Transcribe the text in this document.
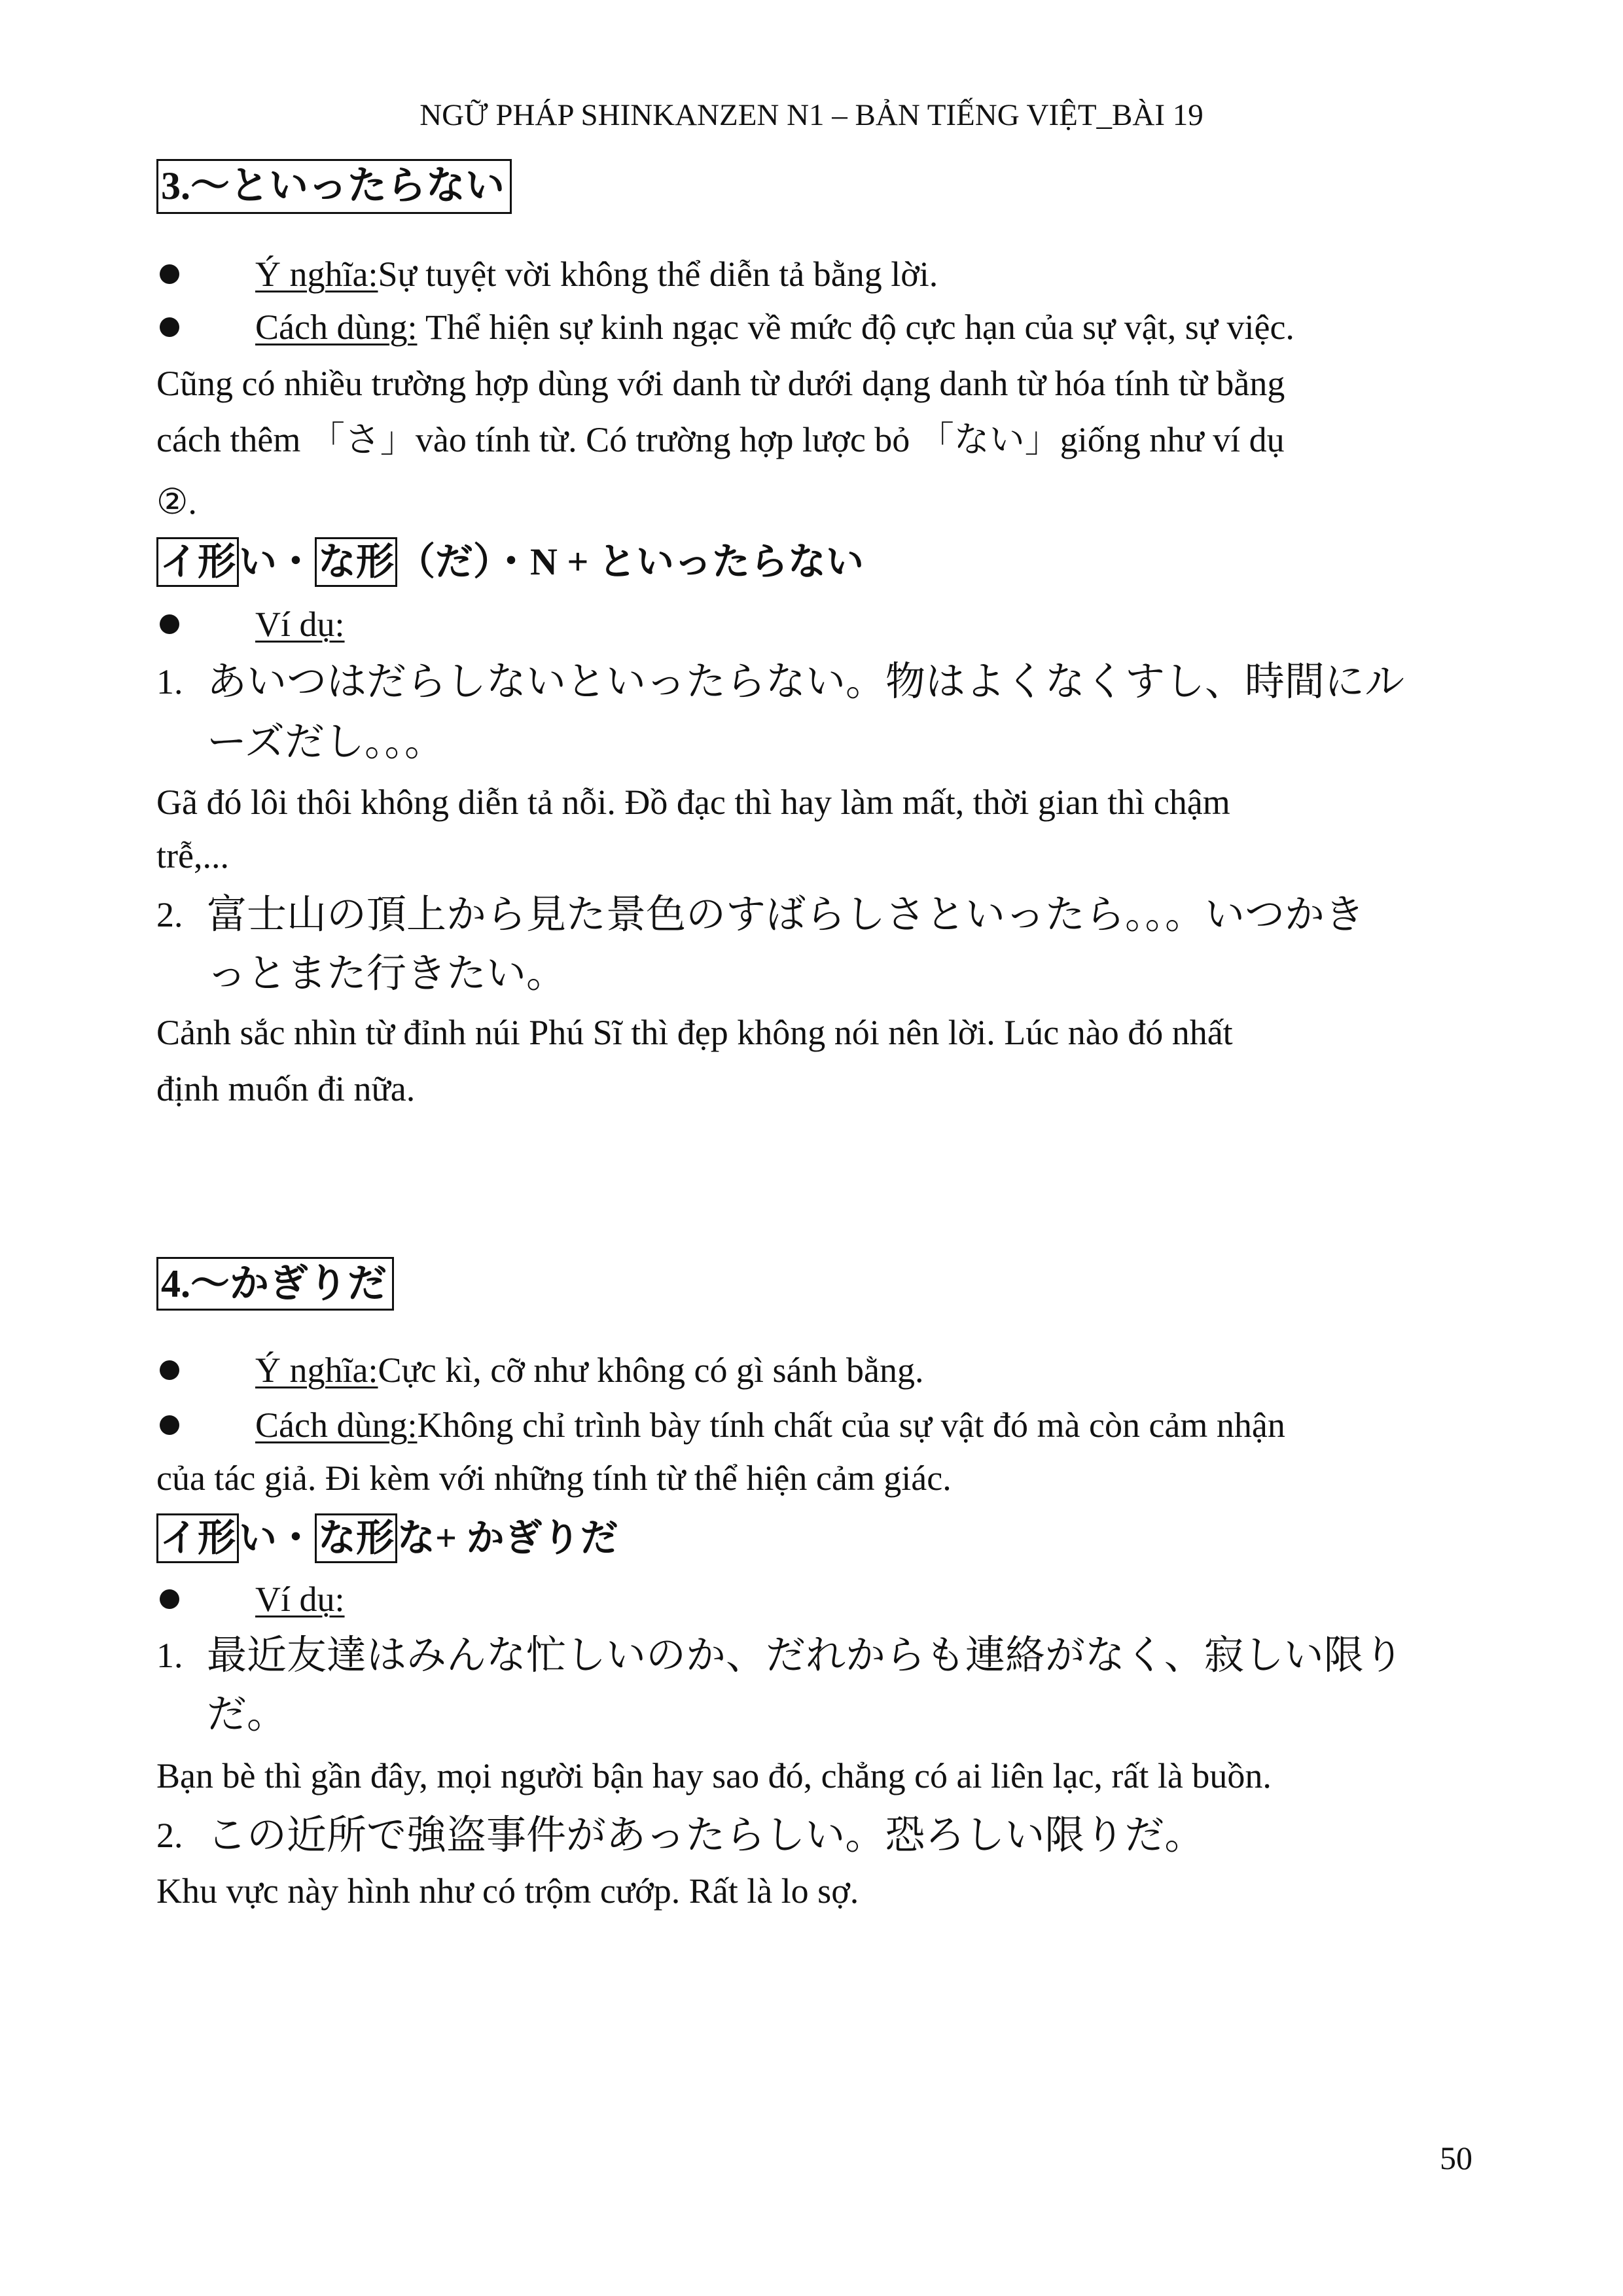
NGỮ PHÁP SHINKANZEN N1 – BẢN TIẾNG VIỆT_BÀI 19
3.～といったらない
Ý nghĩa:Sự tuyệt vời không thể diễn tả bằng lời.
Cách dùng: Thể hiện sự kinh ngạc về mức độ cực hạn của sự vật, sự việc.
Cũng có nhiều trường hợp dùng với danh từ dưới dạng danh từ hóa tính từ bằng
cách thêm 「さ」vào tính từ. Có trường hợp lược bỏ 「ない」giống như ví dụ
②.
イ形い・な形（だ）・N + といったらない
Ví dụ:
1. あいつはだらしないといったらない。物はよくなくすし、時間にル
ーズだし。。。
Gã đó lôi thôi không diễn tả nỗi. Đồ đạc thì hay làm mất, thời gian thì chậm
trễ,...
2. 富士山の頂上から見た景色のすばらしさといったら。。。いつかき
っとまた行きたい。
Cảnh sắc nhìn từ đỉnh núi Phú Sĩ thì đẹp không nói nên lời. Lúc nào đó nhất
định muốn đi nữa.
4.～かぎりだ
Ý nghĩa:Cực kì, cỡ như không có gì sánh bằng.
Cách dùng:Không chỉ trình bày tính chất của sự vật đó mà còn cảm nhận
của tác giả. Đi kèm với những tính từ thể hiện cảm giác.
イ形い・な形な+ かぎりだ
Ví dụ:
1. 最近友達はみんな忙しいのか、だれからも連絡がなく、寂しい限り
だ。
Bạn bè thì gần đây, mọi người bận hay sao đó, chẳng có ai liên lạc, rất là buồn.
2. この近所で強盗事件があったらしい。恐ろしい限りだ。
Khu vực này hình như có trộm cướp. Rất là lo sợ.
50
